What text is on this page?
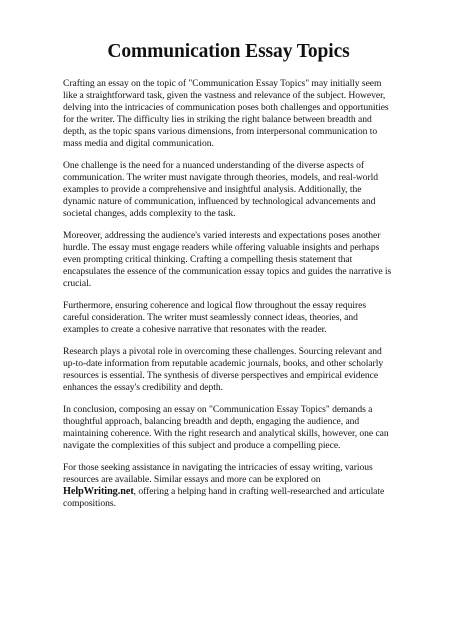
Communication Essay Topics

Crafting an essay on the topic of "Communication Essay Topics" may initially seem like a straightforward task, given the vastness and relevance of the subject. However, delving into the intricacies of communication poses both challenges and opportunities for the writer. The difficulty lies in striking the right balance between breadth and depth, as the topic spans various dimensions, from interpersonal communication to mass media and digital communication.

One challenge is the need for a nuanced understanding of the diverse aspects of communication. The writer must navigate through theories, models, and real-world examples to provide a comprehensive and insightful analysis. Additionally, the dynamic nature of communication, influenced by technological advancements and societal changes, adds complexity to the task.

Moreover, addressing the audience's varied interests and expectations poses another hurdle. The essay must engage readers while offering valuable insights and perhaps even prompting critical thinking. Crafting a compelling thesis statement that encapsulates the essence of the communication essay topics and guides the narrative is crucial.

Furthermore, ensuring coherence and logical flow throughout the essay requires careful consideration. The writer must seamlessly connect ideas, theories, and examples to create a cohesive narrative that resonates with the reader.

Research plays a pivotal role in overcoming these challenges. Sourcing relevant and up-to-date information from reputable academic journals, books, and other scholarly resources is essential. The synthesis of diverse perspectives and empirical evidence enhances the essay's credibility and depth.

In conclusion, composing an essay on "Communication Essay Topics" demands a thoughtful approach, balancing breadth and depth, engaging the audience, and maintaining coherence. With the right research and analytical skills, however, one can navigate the complexities of this subject and produce a compelling piece.

For those seeking assistance in navigating the intricacies of essay writing, various resources are available. Similar essays and more can be explored on HelpWriting.net, offering a helping hand in crafting well-researched and articulate compositions.
